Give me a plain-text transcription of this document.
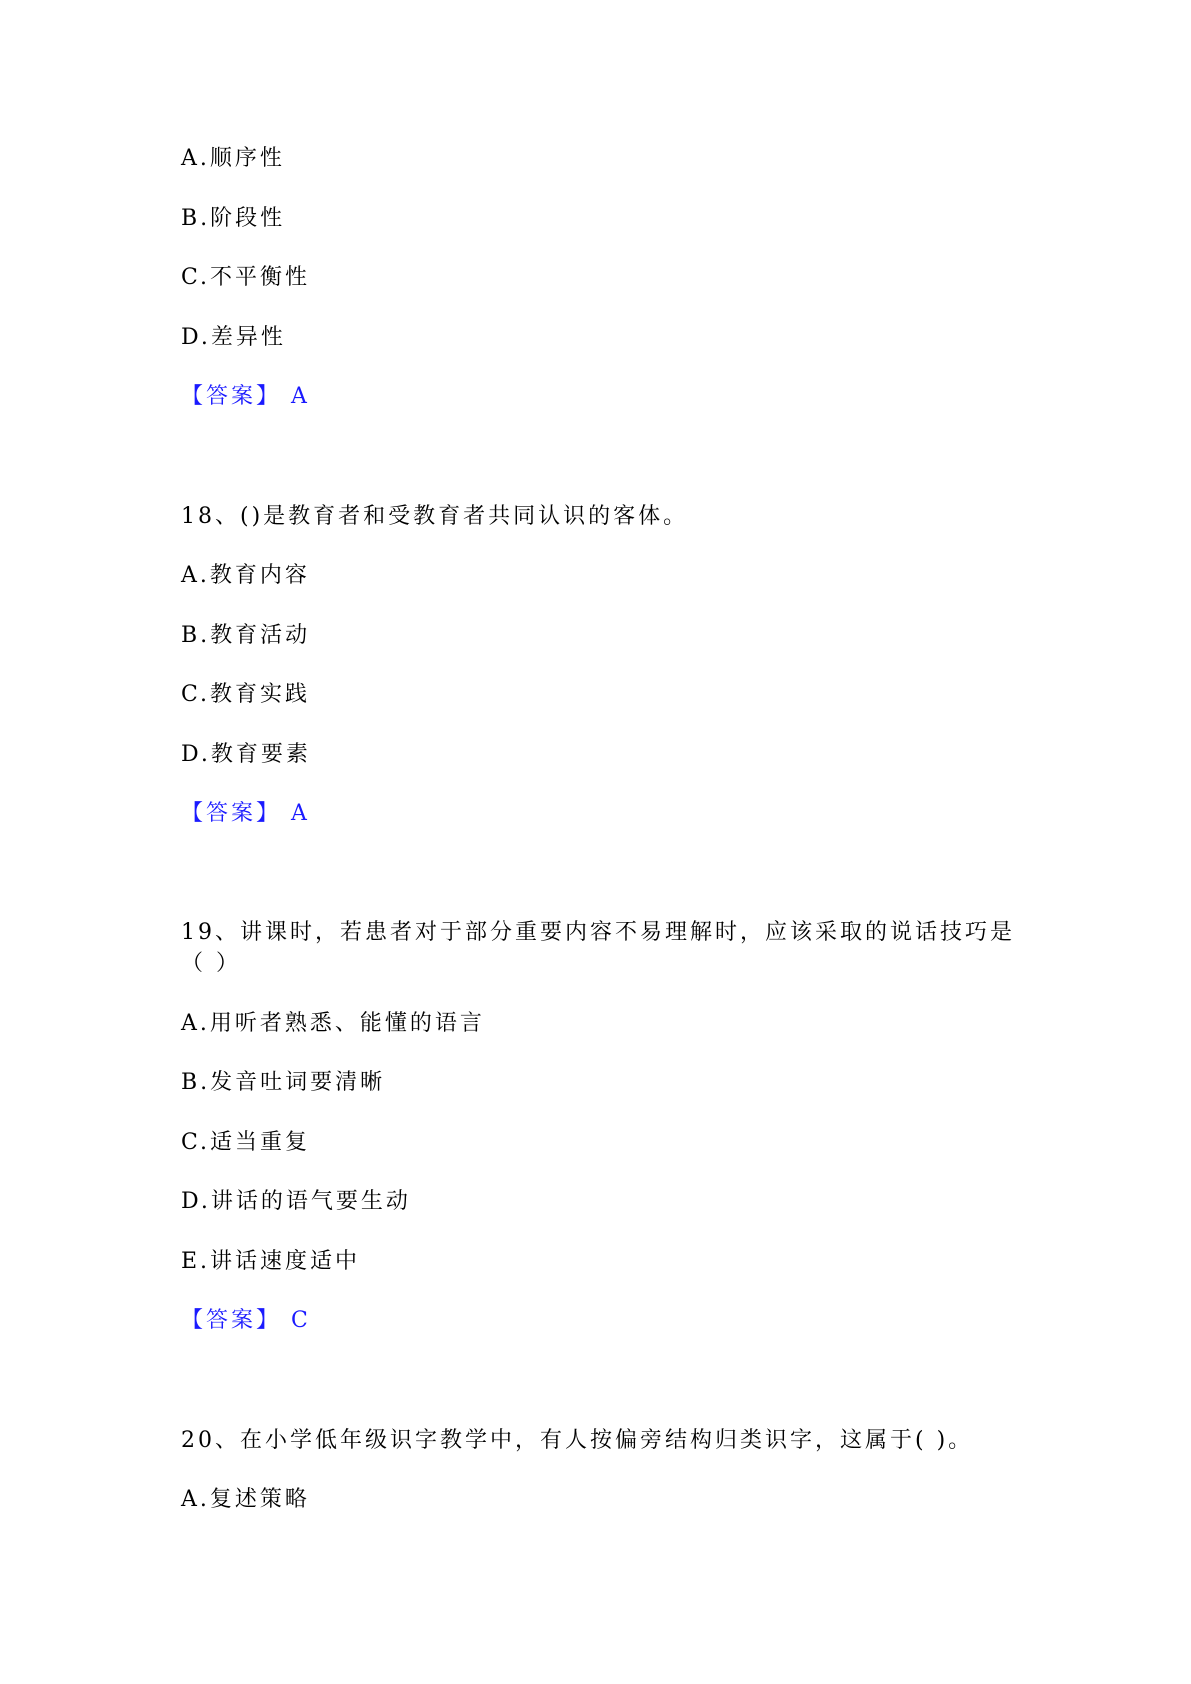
A.顺序性
B.阶段性
C.不平衡性
D.差异性
【答案】 A
18、()是教育者和受教育者共同认识的客体。
A.教育内容
B.教育活动
C.教育实践
D.教育要素
【答案】 A
19、讲课时，若患者对于部分重要内容不易理解时，应该采取的说话技巧是
（ ）
A.用听者熟悉、能懂的语言
B.发音吐词要清晰
C.适当重复
D.讲话的语气要生动
E.讲话速度适中
【答案】 C
20、在小学低年级识字教学中，有人按偏旁结构归类识字，这属于( )。
A.复述策略
